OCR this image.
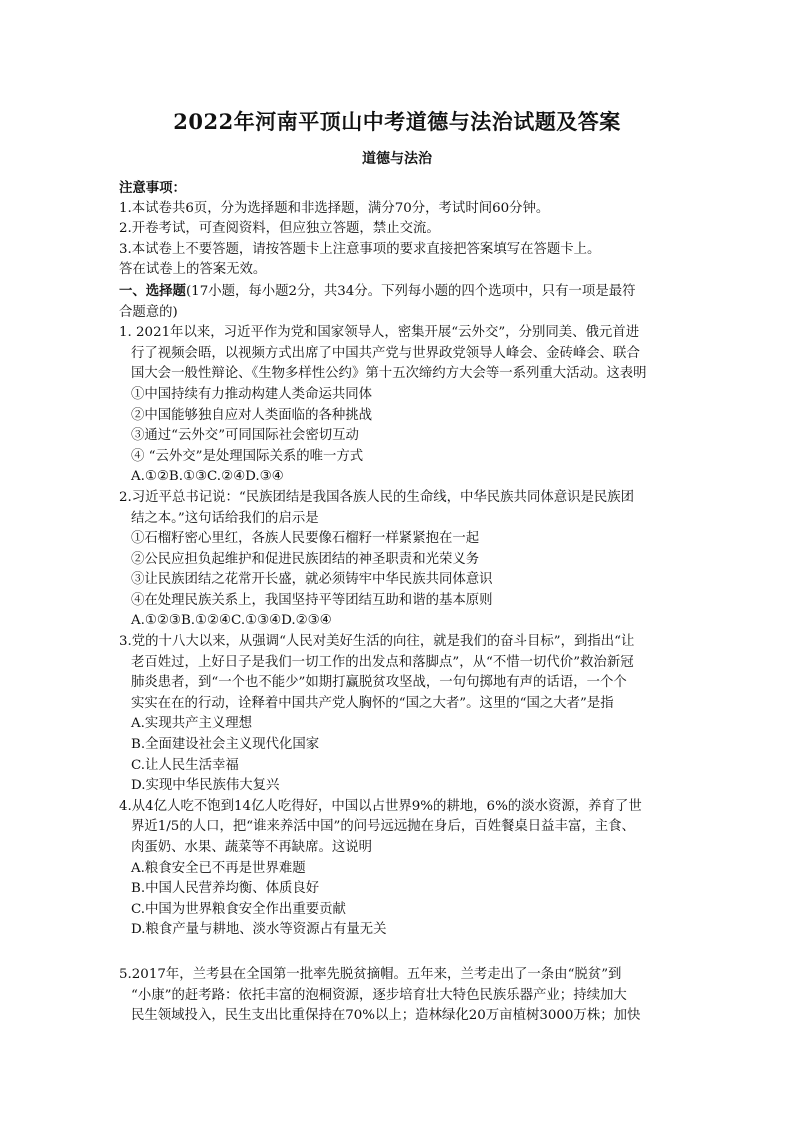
2022年河南平顶山中考道德与法治试题及答案
道德与法治
注意事项：
1.本试卷共6页，分为选择题和非选择题，满分70分，考试时间60分钟。
2.开卷考试，可查阅资料，但应独立答题，禁止交流。
3.本试卷上不要答题，请按答题卡上注意事项的要求直接把答案填写在答题卡上。
答在试卷上的答案无效。
一、选择题(17小题，每小题2分，共34分。下列每小题的四个选项中，只有一项是最符
合题意的)
1. 2021年以来，习近平作为党和国家领导人，密集开展“云外交”，分别同美、俄元首进
行了视频会晤，以视频方式出席了中国共产党与世界政党领导人峰会、金砖峰会、联合
国大会一般性辩论、《生物多样性公约》第十五次缔约方大会等一系列重大活动。这表明
①中国持续有力推动构建人类命运共同体
②中国能够独自应对人类面临的各种挑战
③通过“云外交”可同国际社会密切互动
④ “云外交”是处理国际关系的唯一方式
A.①②B.①③C.②④D.③④
2.习近平总书记说：“民族团结是我国各族人民的生命线，中华民族共同体意识是民族团
结之本。”这句话给我们的启示是
①石榴籽密心里红，各族人民要像石榴籽一样紧紧抱在一起
②公民应担负起维护和促进民族团结的神圣职责和光荣义务
③让民族团结之花常开长盛，就必须铸牢中华民族共同体意识
④在处理民族关系上，我国坚持平等团结互助和谐的基本原则
A.①②③B.①②④C.①③④D.②③④
3.党的十八大以来，从强调“人民对美好生活的向往，就是我们的奋斗目标”，到指出“让
老百姓过，上好日子是我们一切工作的出发点和落脚点”，从“不惜一切代价”救治新冠
肺炎患者，到“一个也不能少”如期打赢脱贫攻坚战，一句句掷地有声的话语，一个个
实实在在的行动，诠释着中国共产党人胸怀的“国之大者”。这里的“国之大者”是指
A.实现共产主义理想
B.全面建设社会主义现代化国家
C.让人民生活幸福
D.实现中华民族伟大复兴
4.从4亿人吃不饱到14亿人吃得好，中国以占世界9%的耕地，6%的淡水资源，养育了世
界近1/5的人口，把“谁来养活中国”的问号远远抛在身后，百姓餐桌日益丰富，主食、
肉蛋奶、水果、蔬菜等不再缺席。这说明
A.粮食安全已不再是世界难题
B.中国人民营养均衡、体质良好
C.中国为世界粮食安全作出重要贡献
D.粮食产量与耕地、淡水等资源占有量无关
5.2017年，兰考县在全国第一批率先脱贫摘帽。五年来，兰考走出了一条由“脱贫”到
“小康”的赶考路：依托丰富的泡桐资源，逐步培育壮大特色民族乐器产业；持续加大
民生领域投入，民生支出比重保持在70%以上；造林绿化20万亩植树3000万株；加快
